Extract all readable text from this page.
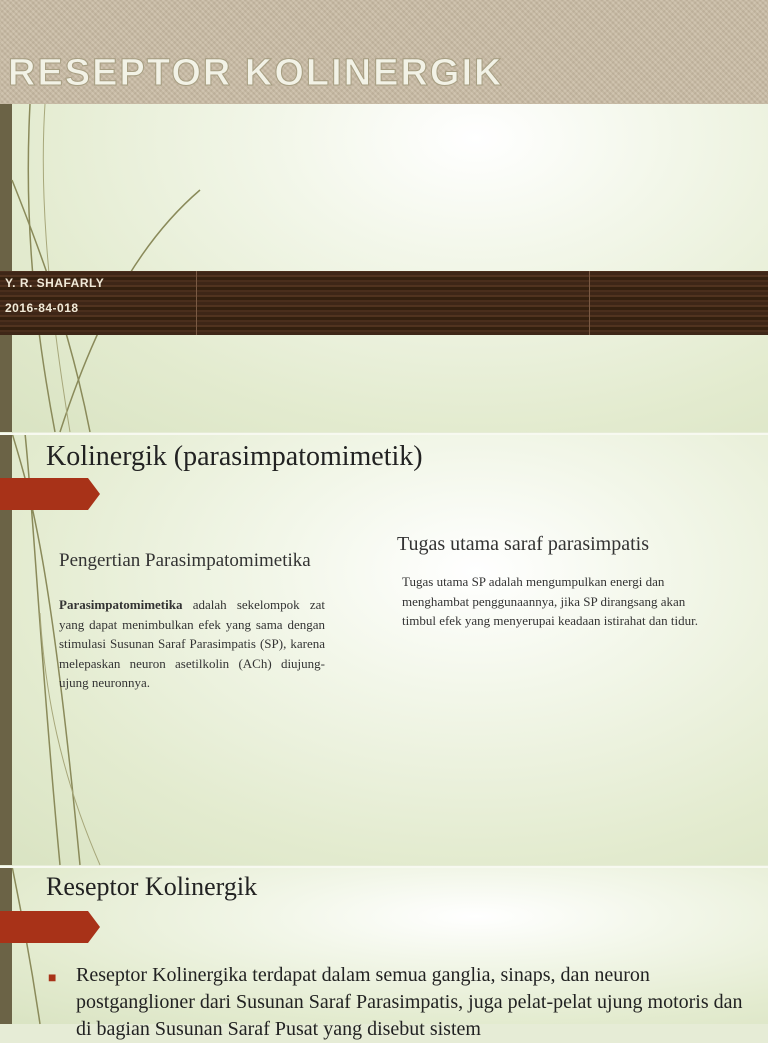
RESEPTOR KOLINERGIK
Y. R. SHAFARLY
2016-84-018
Kolinergik (parasimpatomimetik)
Pengertian Parasimpatomimetika
Parasimpatomimetika adalah sekelompok zat yang dapat menimbulkan efek yang sama dengan stimulasi Susunan Saraf Parasimpatis (SP), karena melepaskan neuron asetilkolin (ACh) diujung-ujung neuronnya.
Tugas utama saraf parasimpatis
Tugas utama SP adalah mengumpulkan energi dan menghambat penggunaannya, jika SP dirangsang akan timbul efek yang menyerupai keadaan istirahat dan tidur.
Reseptor Kolinergik
■ Reseptor Kolinergika terdapat dalam semua ganglia, sinaps, dan neuron postganglioner dari Susunan Saraf Parasimpatis, juga pelat-pelat ujung motoris dan di bagian Susunan Saraf Pusat yang disebut sistem
